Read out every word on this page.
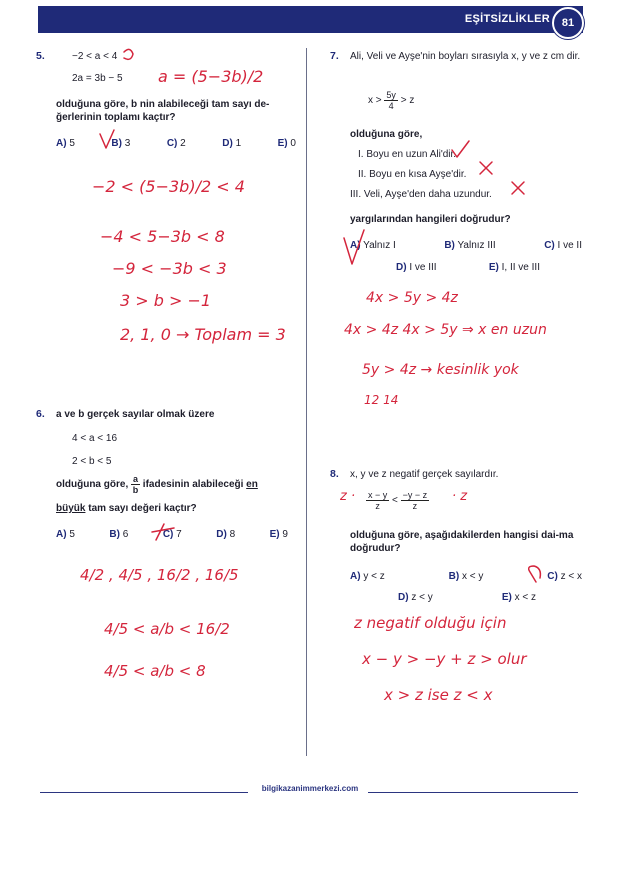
EŞİTSİZLİKLER	81
5.	−2 < a < 4
2a = 3b − 5
olduğuna göre, b nin alabileceği tam sayı de-ğerlerinin toplamı kaçtır?
A) 5	B) 3	C) 2	D) 1	E) 0
6. a ve b gerçek sayılar olmak üzere
4 < a < 16
2 < b < 5
olduğuna göre, $\frac{a}{b}$ ifadesinin alabileceği en
büyük tam sayı değeri kaçtır?
A) 5	B) 6	C) 7	D) 8	E) 9
7. Ali, Veli ve Ayşe'nin boyları sırasıyla x, y ve z cm dir.
$x > \frac{5y}{4} > z$
olduğuna göre,
I. Boyu en uzun Ali'dir.
II. Boyu en kısa Ayşe'dir.
III. Veli, Ayşe'den daha uzundur.
yargılarından hangileri doğrudur?
A) Yalnız I	B) Yalnız III	C) I ve II
D) I ve III	E) I, II ve III
8. x, y ve z negatif gerçek sayılardır.
$\frac{x - y}{z} < \frac{-y - z}{z}$
olduğuna göre, aşağıdakilerden hangisi dai-ma doğrudur?
A) y < z	B) x < y	C) z < x
D) z < y	E) x < z
a = (5−3b)/2
−2 < (5−3b)/2 < 4
−4 < 5−3b < 8
−9 < −3b < 3
3 > b > −1
2, 1, 0 → Toplam = 3
4/2 , 4/5 , 16/2 , 16/5
4/5 < a/b < 16/2
4/5 < a/b < 8
4x > 5y > 4z
4x > 4z 4x > 5y ⇒ x en uzun
5y > 4z → kesinlik yok
12 14
z ·	· z
z negatif olduğu için
x − y > −y + z > olur
x > z ise z < x
bilgikazanimmerkezi.com
